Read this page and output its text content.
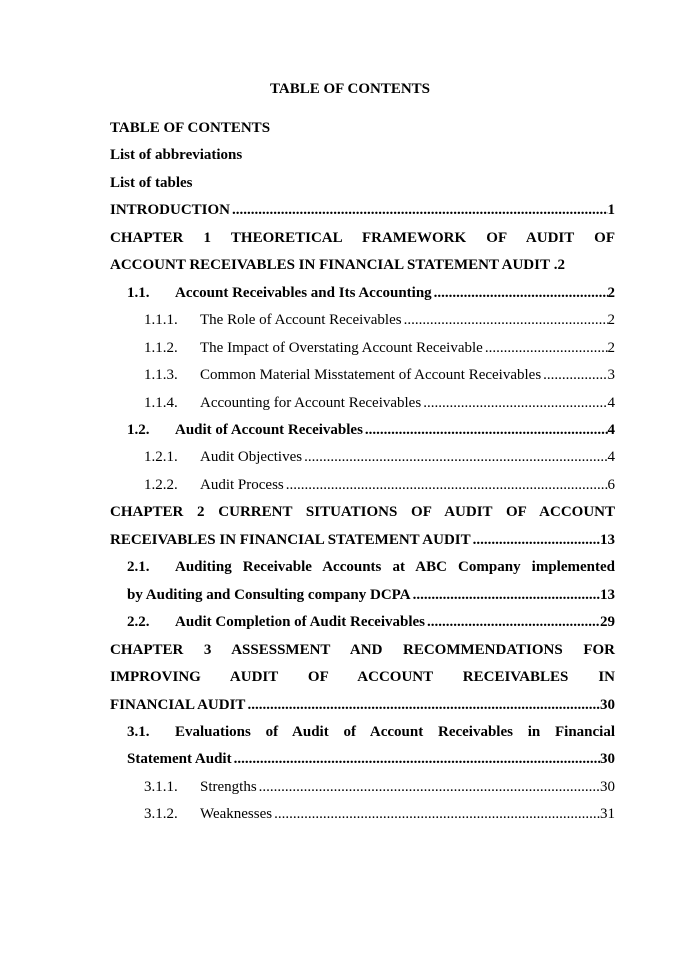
TABLE OF CONTENTS
TABLE OF CONTENTS
List of abbreviations
List of tables
INTRODUCTION .....	1
CHAPTER 1 THEORETICAL FRAMEWORK OF AUDIT OF
ACCOUNT RECEIVABLES IN FINANCIAL STATEMENT AUDIT
.2
1.1.	Account Receivables and Its Accounting .....	2
1.1.1.	The Role of Account Receivables .....	2
1.1.2.	The Impact of Overstating Account Receivable .....	2
1.1.3.	Common Material Misstatement of Account Receivables .....	3
1.1.4.	Accounting for Account Receivables .....	4
1.2.	Audit of Account Receivables .....	4
1.2.1.	Audit Objectives .....	4
1.2.2.	Audit Process .....	6
CHAPTER 2 CURRENT SITUATIONS OF AUDIT OF ACCOUNT
RECEIVABLES IN FINANCIAL STATEMENT AUDIT .....	13
2.1.	Auditing Receivable Accounts at ABC Company implemented
by Auditing and Consulting company DCPA .....	13
2.2.	Audit Completion of Audit Receivables .....	29
CHAPTER 3 ASSESSMENT AND RECOMMENDATIONS FOR
IMPROVING AUDIT OF ACCOUNT RECEIVABLES IN
FINANCIAL AUDIT .....	30
3.1.	Evaluations of Audit of Account Receivables in Financial
Statement Audit .....	30
3.1.1.	Strengths .....	30
3.1.2.	Weaknesses .....	31
